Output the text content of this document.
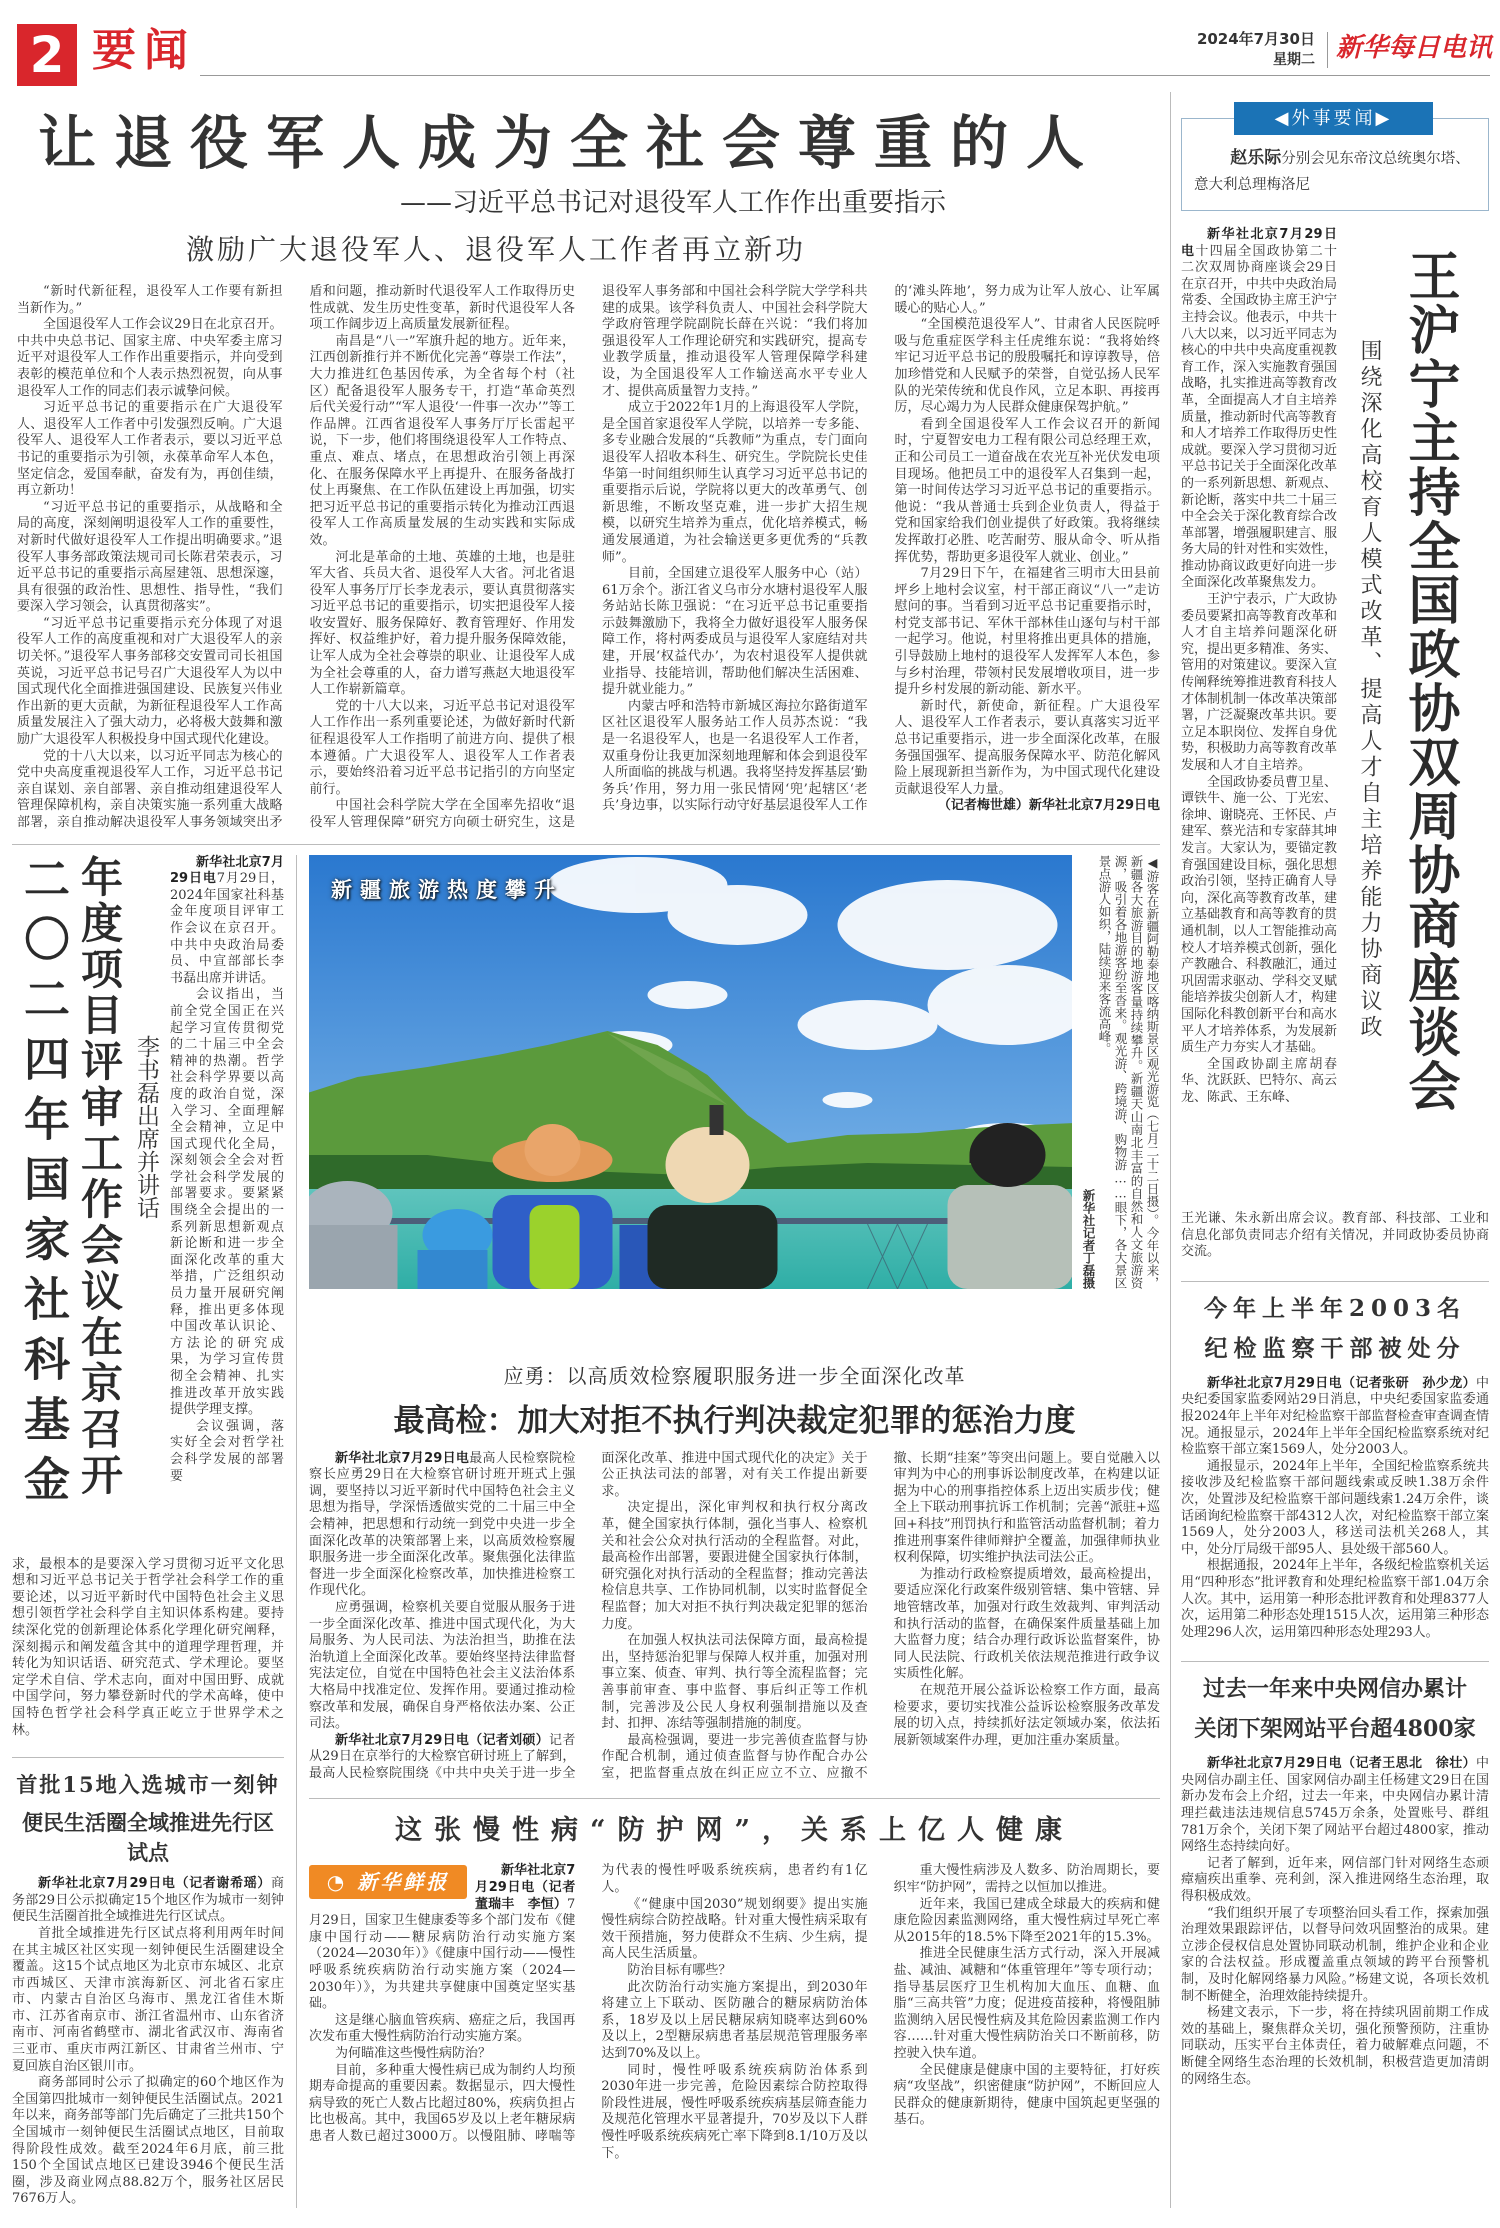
2 要闻	2024年7月30日
星期二 新华每日电讯
让退役军人成为全社会尊重的人
——习近平总书记对退役军人工作作出重要指示
激励广大退役军人、退役军人工作者再立新功

“新时代新征程，退役军人工作要有新担当新作为。”

全国退役军人工作会议29日在北京召开。中共中央总书记、国家主席、中央军委主席习近平对退役军人工作作出重要指示，并向受到表彰的模范单位和个人表示热烈祝贺，向从事退役军人工作的同志们表示诚挚问候。

习近平总书记的重要指示在广大退役军人、退役军人工作者中引发强烈反响。广大退役军人、退役军人工作者表示，要以习近平总书记的重要指示为引领，永葆革命军人本色，坚定信念，爱国奉献，奋发有为，再创佳绩，再立新功！

“习近平总书记的重要指示，从战略和全局的高度，深刻阐明退役军人工作的重要性，对新时代做好退役军人工作提出明确要求。”退役军人事务部政策法规司司长陈君荣表示，习近平总书记的重要指示高屋建瓴、思想深邃，具有很强的政治性、思想性、指导性，“我们要深入学习领会，认真贯彻落实”。

“习近平总书记重要指示充分体现了对退役军人工作的高度重视和对广大退役军人的亲切关怀。”退役军人事务部移交安置司司长祖国英说，习近平总书记号召广大退役军人为以中国式现代化全面推进强国建设、民族复兴伟业作出新的更大贡献，为新征程退役军人工作高质量发展注入了强大动力，必将极大鼓舞和激励广大退役军人积极投身中国式现代化建设。

党的十八大以来，以习近平同志为核心的党中央高度重视退役军人工作，习近平总书记亲自谋划、亲自部署、亲自推动组建退役军人管理保障机构，亲自决策实施一系列重大战略部署，亲自推动解决退役军人事务领域突出矛盾和问题，推动新时代退役军人工作取得历史性成就、发生历史性变革，新时代退役军人各项工作阔步迈上高质量发展新征程。

南昌是“八一”军旗升起的地方。近年来，江西创新推行并不断优化完善“尊崇工作法”，大力推进红色基因传承，为全省每个村（社区）配备退役军人服务专干，打造“革命英烈后代关爱行动”“军人退役‘一件事一次办’”等工作品牌。江西省退役军人事务厅厅长雷起平说，下一步，他们将围绕退役军人工作特点、重点、难点、堵点，在思想政治引领上再深化、在服务保障水平上再提升、在服务备战打仗上再聚焦、在工作队伍建设上再加强，切实把习近平总书记的重要指示转化为推动江西退役军人工作高质量发展的生动实践和实际成效。

河北是革命的土地、英雄的土地，也是驻军大省、兵员大省、退役军人大省。河北省退役军人事务厅厅长李龙表示，要认真贯彻落实习近平总书记的重要指示，切实把退役军人接收安置好、服务保障好、教育管理好、作用发挥好、权益维护好，着力提升服务保障效能，让军人成为全社会尊崇的职业、让退役军人成为全社会尊重的人，奋力谱写燕赵大地退役军人工作崭新篇章。

党的十八大以来，习近平总书记对退役军人工作作出一系列重要论述，为做好新时代新征程退役军人工作指明了前进方向、提供了根本遵循。广大退役军人、退役军人工作者表示，要始终沿着习近平总书记指引的方向坚定前行。

中国社会科学院大学在全国率先招收“退役军人管理保障”研究方向硕士研究生，这是退役军人事务部和中国社会科学院大学学科共建的成果。该学科负责人、中国社会科学院大学政府管理学院副院长薛在兴说：“我们将加强退役军人工作理论研究和实践研究，提高专业教学质量，推动退役军人管理保障学科建设，为全国退役军人工作输送高水平专业人才、提供高质量智力支持。”

成立于2022年1月的上海退役军人学院，是全国首家退役军人学院，以培养一专多能、多专业融合发展的“兵教师”为重点，专门面向退役军人招收本科生、研究生。学院院长史佳华第一时间组织师生认真学习习近平总书记的重要指示后说，学院将以更大的改革勇气、创新思维，不断攻坚克难，进一步扩大招生规模，以研究生培养为重点，优化培养模式，畅通发展通道，为社会输送更多更优秀的“兵教师”。

目前，全国建立退役军人服务中心（站）61万余个。浙江省义乌市分水塘村退役军人服务站站长陈卫强说：“在习近平总书记重要指示鼓舞激励下，我将全力做好退役军人服务保障工作，将村两委成员与退役军人家庭结对共建，开展‘权益代办’，为农村退役军人提供就业指导、技能培训，帮助他们解决生活困难、提升就业能力。”

内蒙古呼和浩特市新城区海拉尔路街道军区社区退役军人服务站工作人员苏杰说：“我是一名退役军人，也是一名退役军人工作者，双重身份让我更加深刻地理解和体会到退役军人所面临的挑战与机遇。我将坚持发挥基层‘勤务兵’作用，努力用一张民情网‘兜’起辖区‘老兵’身边事，以实际行动守好基层退役军人工作的‘滩头阵地’，努力成为让军人放心、让军属暖心的贴心人。”

“全国模范退役军人”、甘肃省人民医院呼吸与危重症医学科主任虎维东说：“我将始终牢记习近平总书记的殷殷嘱托和谆谆教导，倍加珍惜党和人民赋予的荣誉，自觉弘扬人民军队的光荣传统和优良作风，立足本职、再接再厉，尽心竭力为人民群众健康保驾护航。”

看到全国退役军人工作会议召开的新闻时，宁夏智安电力工程有限公司总经理王欢，正和公司员工一道奋战在农光互补光伏发电项目现场。他把员工中的退役军人召集到一起，第一时间传达学习习近平总书记的重要指示。他说：“我从普通士兵到企业负责人，得益于党和国家给我们创业提供了好政策。我将继续发挥敢打必胜、吃苦耐劳、服从命令、听从指挥优势，帮助更多退役军人就业、创业。”

7月29日下午，在福建省三明市大田县前坪乡上地村会议室，村干部正商议“八一”走访慰问的事。当看到习近平总书记重要指示时，村党支部书记、军休干部林佳山逐句与村干部一起学习。他说，村里将推出更具体的措施，引导鼓励上地村的退役军人发挥军人本色，参与乡村治理，带领村民发展增收项目，进一步提升乡村发展的新动能、新水平。

新时代，新使命，新征程。广大退役军人、退役军人工作者表示，要认真落实习近平总书记重要指示，进一步全面深化改革，在服务强国强军、提高服务保障水平、防范化解风险上展现新担当新作为，为中国式现代化建设贡献退役军人力量。

（记者梅世雄）新华社北京7月29日电
二〇二四年国家社科基金 年度项目评审工作会议在京召开 李书磊出席并讲话

新华社北京7月29日电7月29日，2024年国家社科基金年度项目评审工作会议在京召开。中共中央政治局委员、中宣部部长李书磊出席并讲话。

会议指出，当前全党全国正在兴起学习宣传贯彻党的二十届三中全会精神的热潮。哲学社会科学界要以高度的政治自觉，深入学习、全面理解全会精神，立足中国式现代化全局，深刻领会全会对哲学社会科学发展的部署要求。要紧紧围绕全会提出的一系列新思想新观点新论断和进一步全面深化改革的重大举措，广泛组织动员力量开展研究阐释，推出更多体现中国改革认识论、方法论的研究成果，为学习宣传贯彻全会精神、扎实推进改革开放实践提供学理支撑。

会议强调，落实好全会对哲学社会科学发展的部署要

求，最根本的是要深入学习贯彻习近平文化思想和习近平总书记关于哲学社会科学工作的重要论述，以习近平新时代中国特色社会主义思想引领哲学社会科学自主知识体系构建。要持续深化党的创新理论体系化学理化研究阐释，深刻揭示和阐发蕴含其中的道理学理哲理，并转化为知识话语、研究范式、学术理论。要坚定学术自信、学术志向，面对中国田野、成就中国学问，努力攀登新时代的学术高峰，使中国特色哲学社会科学真正屹立于世界学术之林。
首批15地入选城市一刻钟
便民生活圈全域推进先行区试点

新华社北京7月29日电（记者谢希瑶）商务部29日公示拟确定15个地区作为城市一刻钟便民生活圈首批全域推进先行区试点。

首批全域推进先行区试点将利用两年时间在其主城区社区实现一刻钟便民生活圈建设全覆盖。这15个试点地区为北京市东城区、北京市西城区、天津市滨海新区、河北省石家庄市、内蒙古自治区乌海市、黑龙江省佳木斯市、江苏省南京市、浙江省温州市、山东省济南市、河南省鹤壁市、湖北省武汉市、海南省三亚市、重庆市两江新区、甘肃省兰州市、宁夏回族自治区银川市。

商务部同时公示了拟确定的60个地区作为全国第四批城市一刻钟便民生活圈试点。2021年以来，商务部等部门先后确定了三批共150个全国城市一刻钟便民生活圈试点地区，目前取得阶段性成效。截至2024年6月底，前三批150个全国试点地区已建设3946个便民生活圈，涉及商业网点88.82万个，服务社区居民7676万人。

新疆旅游热度攀升	◀游客在新疆阿勒泰地区喀纳斯景区观光游览（七月二十二日摄）。今年以来，新疆各大旅游目的地游客量持续攀升。新疆天山南北丰富的自然和人文旅游资源，吸引着各地游客纷至沓来。观光游、跨境游、购物游……眼下，各大景区景点游人如织，陆续迎来客流高峰。
新华社记者丁磊摄
应勇：以高质效检察履职服务进一步全面深化改革
最高检：加大对拒不执行判决裁定犯罪的惩治力度

新华社北京7月29日电最高人民检察院检察长应勇29日在大检察官研讨班开班式上强调，要坚持以习近平新时代中国特色社会主义思想为指导，学深悟透做实党的二十届三中全会精神，把思想和行动统一到党中央进一步全面深化改革的决策部署上来，以高质效检察履职服务进一步全面深化改革。聚焦强化法律监督进一步全面深化检察改革，加快推进检察工作现代化。

应勇强调，检察机关要自觉服从服务于进一步全面深化改革、推进中国式现代化，为大局服务、为人民司法、为法治担当，助推在法治轨道上全面深化改革。要始终坚持法律监督宪法定位，自觉在中国特色社会主义法治体系大格局中找准定位、发挥作用。要通过推动检察改革和发展，确保自身严格依法办案、公正司法。

新华社北京7月29日电（记者刘硕）记者从29日在京举行的大检察官研讨班上了解到，最高人民检察院围绕《中共中央关于进一步全面深化改革、推进中国式现代化的决定》关于公正执法司法的部署，对有关工作提出新要求。

决定提出，深化审判权和执行权分离改革，健全国家执行体制，强化当事人、检察机关和社会公众对执行活动的全程监督。对此，最高检作出部署，要跟进健全国家执行体制，研究强化对执行活动的全程监督；推动完善法检信息共享、工作协同机制，以实时监督促全程监督；加大对拒不执行判决裁定犯罪的惩治力度。

在加强人权执法司法保障方面，最高检提出，坚持惩治犯罪与保障人权并重，加强对刑事立案、侦查、审判、执行等全流程监督；完善事前审查、事中监督、事后纠正等工作机制，完善涉及公民人身权利强制措施以及查封、扣押、冻结等强制措施的制度。

最高检强调，要进一步完善侦查监督与协作配合机制，通过侦查监督与协作配合办公室，把监督重点放在纠正应立不立、应撤不撤、长期“挂案”等突出问题上。要自觉融入以审判为中心的刑事诉讼制度改革，在构建以证据为中心的刑事指控体系上迈出实质步伐；健全上下联动刑事抗诉工作机制；完善“派驻+巡回+科技”刑罚执行和监管活动监督机制；着力推进刑事案件律师辩护全覆盖，加强律师执业权利保障，切实维护执法司法公正。

为推动行政检察提质增效，最高检提出，要适应深化行政案件级别管辖、集中管辖、异地管辖改革，加强对行政生效裁判、审判活动和执行活动的监督，在确保案件质量基础上加大监督力度；结合办理行政诉讼监督案件，协同人民法院、行政机关依法规范推进行政争议实质性化解。

在规范开展公益诉讼检察工作方面，最高检要求，要切实找准公益诉讼检察服务改革发展的切入点，持续抓好法定领域办案，依法拓展新领域案件办理，更加注重办案质量。

这张慢性病“防护网”，关系上亿人健康
◔ 新华鲜报	新华社北京7月29日电（记者董瑞丰　李恒）7月29日，国家卫生健康委等多个部门发布《健康中国行动——糖尿病防治行动实施方案（2024—2030年）》《健康中国行动——慢性呼吸系统疾病防治行动实施方案（2024—2030年）》，为共建共享健康中国奠定坚实基础。

这是继心脑血管疾病、癌症之后，我国再次发布重大慢性病防治行动实施方案。

为何瞄准这些慢性病防治？

目前，多种重大慢性病已成为制约人均预期寿命提高的重要因素。数据显示，四大慢性病导致的死亡人数占比超过80%，疾病负担占比也极高。其中，我国65岁及以上老年糖尿病患者人数已超过3000万。以慢阻肺、哮喘等为代表的慢性呼吸系统疾病，患者约有1亿人。

《“健康中国2030”规划纲要》提出实施慢性病综合防控战略。针对重大慢性病采取有效干预措施，努力使群众不生病、少生病，提高人民生活质量。

防治目标有哪些？

此次防治行动实施方案提出，到2030年将建立上下联动、医防融合的糖尿病防治体系，18岁及以上居民糖尿病知晓率达到60%及以上，2型糖尿病患者基层规范管理服务率达到70%及以上。

同时，慢性呼吸系统疾病防治体系到2030年进一步完善，危险因素综合防控取得阶段性进展，慢性呼吸系统疾病基层筛查能力及规范化管理水平显著提升，70岁及以下人群慢性呼吸系统疾病死亡率下降到8.1/10万及以下。

重大慢性病涉及人数多、防治周期长，要织牢“防护网”，需持之以恒加以推进。

近年来，我国已建成全球最大的疾病和健康危险因素监测网络，重大慢性病过早死亡率从2015年的18.5%下降至2021年的15.3%。

推进全民健康生活方式行动，深入开展减盐、减油、减糖和“体重管理年”等专项行动；指导基层医疗卫生机构加大血压、血糖、血脂“三高共管”力度；促进疫苗接种，将慢阻肺监测纳入居民慢性病及其危险因素监测工作内容……针对重大慢性病防治关口不断前移，防控驶入快车道。

全民健康是健康中国的主要特征，打好疾病“攻坚战”，织密健康“防护网”，不断回应人民群众的健康新期待，健康中国筑起更坚强的基石。

◀外事要闻▶
赵乐际分别会见东帝汶总统奥尔塔、意大利总理梅洛尼

新华社北京7月29日电十四届全国政协第二十二次双周协商座谈会29日在京召开，中共中央政治局常委、全国政协主席王沪宁主持会议。他表示，中共十八大以来，以习近平同志为核心的中共中央高度重视教育工作，深入实施教育强国战略，扎实推进高等教育改革，全面提高人才自主培养质量，推动新时代高等教育和人才培养工作取得历史性成就。要深入学习贯彻习近平总书记关于全面深化改革的一系列新思想、新观点、新论断，落实中共二十届三中全会关于深化教育综合改革部署，增强履职建言、服务大局的针对性和实效性，推动协商议政更好向进一步全面深化改革聚焦发力。

王沪宁表示，广大政协委员要紧扣高等教育改革和人才自主培养问题深化研究，提出更多精准、务实、管用的对策建议。要深入宣传阐释统筹推进教育科技人才体制机制一体改革决策部署，广泛凝聚改革共识。要立足本职岗位、发挥自身优势，积极助力高等教育改革发展和人才自主培养。

全国政协委员曹卫星、谭铁牛、施一公、丁光宏、徐坤、谢晓亮、王怀民、卢建军、蔡光洁和专家薛其坤发言。大家认为，要锚定教育强国建设目标，强化思想政治引领，坚持正确育人导向，深化高等教育改革，建立基础教育和高等教育的贯通机制，以人工智能推动高校人才培养模式创新，强化产教融合、科教融汇，通过巩固需求驱动、学科交叉赋能培养拔尖创新人才，构建国际化科教创新平台和高水平人才培养体系，为发展新质生产力夯实人才基础。

全国政协副主席胡春华、沈跃跃、巴特尔、高云龙、陈武、王东峰、

围绕深化高校育人模式改革、提高人才自主培养能力协商议政 王沪宁主持全国政协双周协商座谈会
王光谦、朱永新出席会议。教育部、科技部、工业和信息化部负责同志介绍有关情况，并同政协委员协商交流。
今年上半年2003名
纪检监察干部被处分

新华社北京7月29日电（记者张研　孙少龙）中央纪委国家监委网站29日消息，中央纪委国家监委通报2024年上半年对纪检监察干部监督检查审查调查情况。通报显示，2024年上半年全国纪检监察系统对纪检监察干部立案1569人，处分2003人。

通报显示，2024年上半年，全国纪检监察系统共接收涉及纪检监察干部问题线索或反映1.38万余件次，处置涉及纪检监察干部问题线索1.24万余件，谈话函询纪检监察干部4312人次，对纪检监察干部立案1569人，处分2003人，移送司法机关268人，其中，处分厅局级干部95人、县处级干部560人。

根据通报，2024年上半年，各级纪检监察机关运用“四种形态”批评教育和处理纪检监察干部1.04万余人次。其中，运用第一种形态批评教育和处理8377人次，运用第二种形态处理1515人次，运用第三种形态处理296人次，运用第四种形态处理293人。

过去一年来中央网信办累计
关闭下架网站平台超4800家

新华社北京7月29日电（记者王思北　徐壮）中央网信办副主任、国家网信办副主任杨建文29日在国新办发布会上介绍，过去一年来，中央网信办累计清理拦截违法违规信息5745万余条，处置账号、群组781万余个，关闭下架了网站平台超过4800家，推动网络生态持续向好。

记者了解到，近年来，网信部门针对网络生态顽瘴痼疾出重拳、亮利剑，深入推进网络生态治理，取得积极成效。

“我们组织开展了专项整治回头看工作，探索加强治理效果跟踪评估，以督导问效巩固整治的成果。建立涉企侵权信息处置协同联动机制，维护企业和企业家的合法权益。形成覆盖重点领域的跨平台预警机制，及时化解网络暴力风险。”杨建文说，各项长效机制不断健全，治理效能持续提升。

杨建文表示，下一步，将在持续巩固前期工作成效的基础上，聚焦群众关切，强化预警预防，注重协同联动，压实平台主体责任，着力破解难点问题，不断健全网络生态治理的长效机制，积极营造更加清朗的网络生态。
